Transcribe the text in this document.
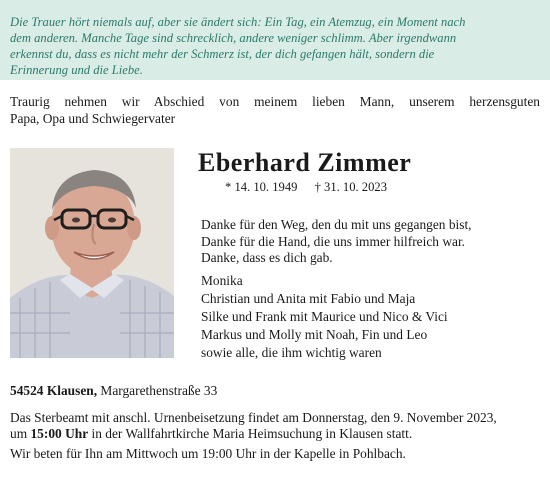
Die Trauer hört niemals auf, aber sie ändert sich: Ein Tag, ein Atemzug, ein Moment nach
dem anderen. Manche Tage sind schrecklich, andere weniger schlimm. Aber irgendwann
erkennst du, dass es nicht mehr der Schmerz ist, der dich gefangen hält, sondern die
Erinnerung und die Liebe.
Traurig nehmen wir Abschied von meinem lieben Mann, unserem herzensguten
Papa, Opa und Schwiegervater
Eberhard Zimmer
* 14. 10. 1949 † 31. 10. 2023
Danke für den Weg, den du mit uns gegangen bist,
Danke für die Hand, die uns immer hilfreich war.
Danke, dass es dich gab.
Monika
Christian und Anita mit Fabio und Maja
Silke und Frank mit Maurice und Nico & Vici
Markus und Molly mit Noah, Fin und Leo
sowie alle, die ihm wichtig waren
54524 Klausen, Margarethenstraße 33
Das Sterbeamt mit anschl. Urnenbeisetzung findet am Donnerstag, den 9. November 2023,
um 15:00 Uhr in der Wallfahrtkirche Maria Heimsuchung in Klausen statt.
Wir beten für Ihn am Mittwoch um 19:00 Uhr in der Kapelle in Pohlbach.
